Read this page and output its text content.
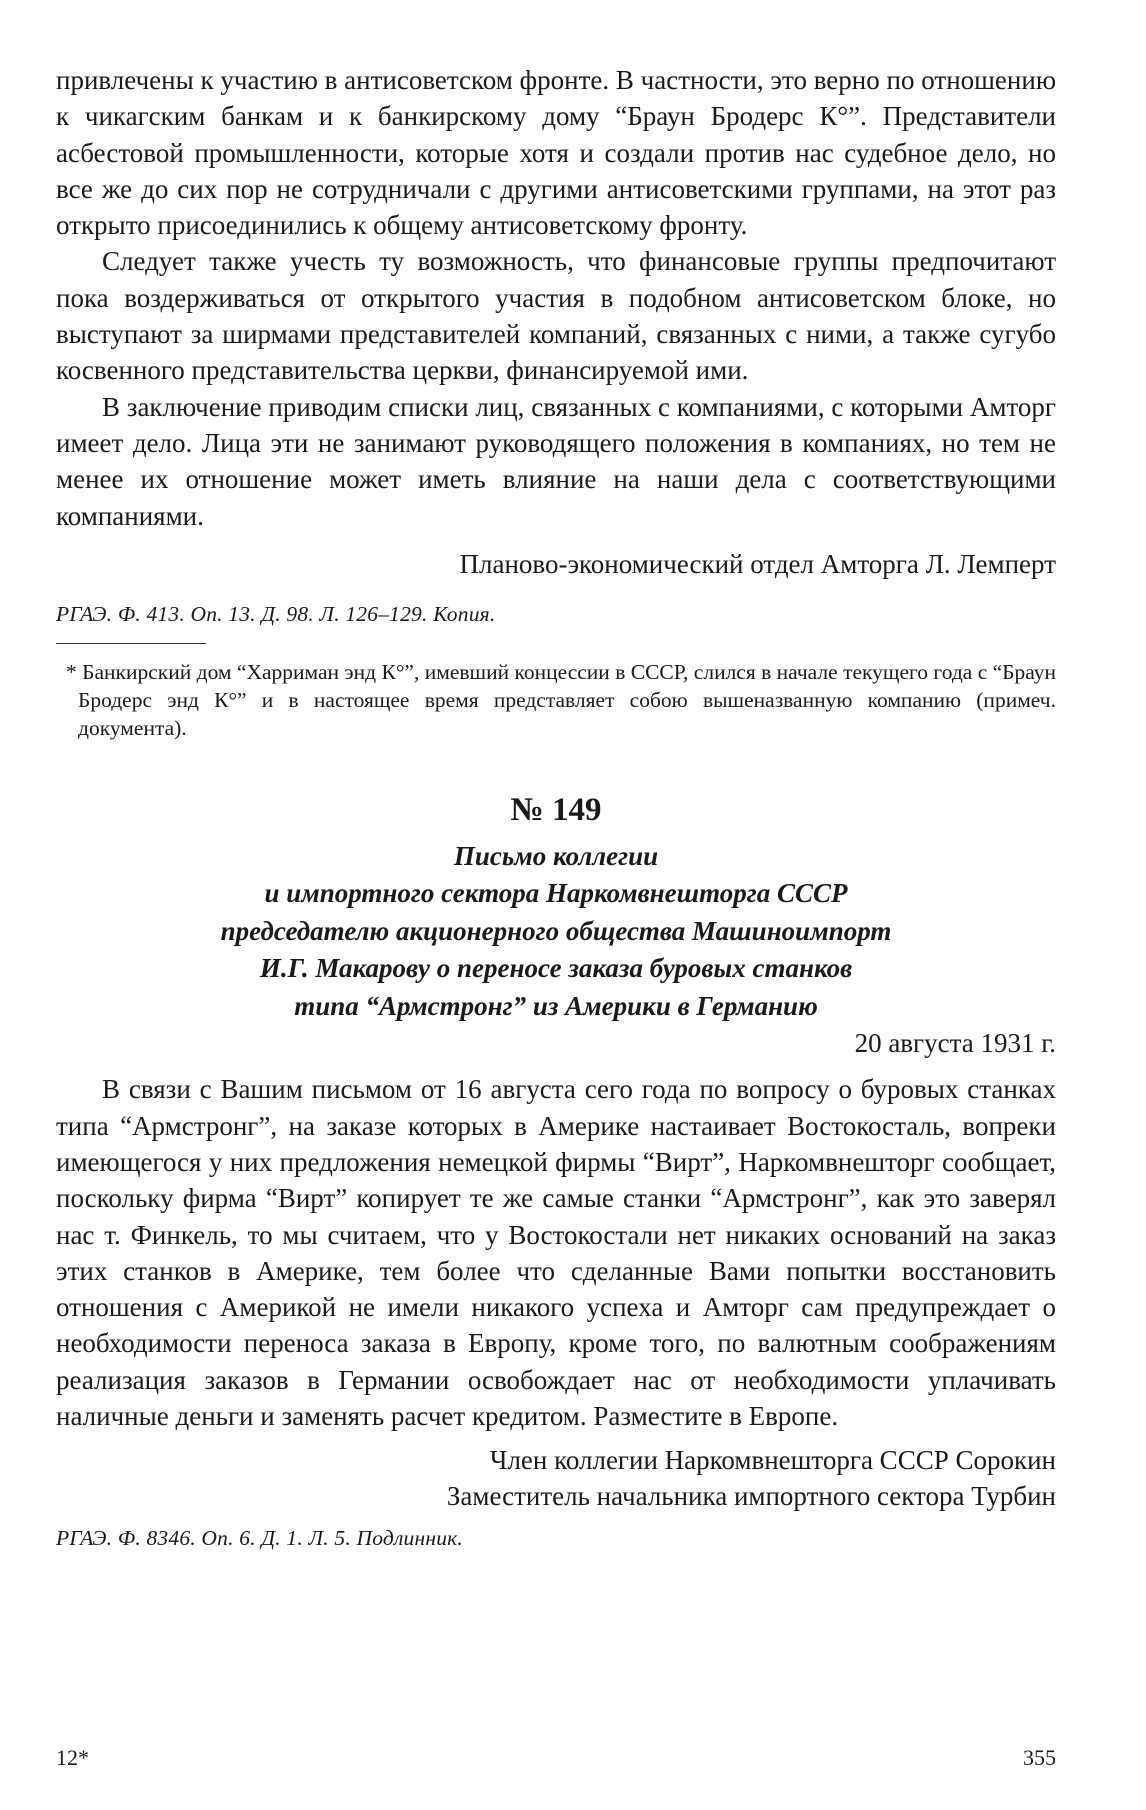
привлечены к участию в антисоветском фронте. В частности, это верно по отношению к чикагским банкам и к банкирскому дому “Браун Бродерс К°”. Представители асбестовой промышленности, которые хотя и создали против нас судебное дело, но все же до сих пор не сотрудничали с другими антисоветскими группами, на этот раз открыто присоединились к общему антисоветскому фронту.

Следует также учесть ту возможность, что финансовые группы предпочитают пока воздерживаться от открытого участия в подобном антисоветском блоке, но выступают за ширмами представителей компаний, связанных с ними, а также сугубо косвенного представительства церкви, финансируемой ими.

В заключение приводим списки лиц, связанных с компаниями, с которыми Амторг имеет дело. Лица эти не занимают руководящего положения в компаниях, но тем не менее их отношение может иметь влияние на наши дела с соответствующими компаниями.

Планово-экономический отдел Амторга Л. Лемперт

РГАЭ. Ф. 413. Оп. 13. Д. 98. Л. 126–129. Копия.

* Банкирский дом “Харриман энд К°”, имевший концессии в СССР, слился в начале текущего года с “Браун Бродерс энд К°” и в настоящее время представляет собою вышеназванную компанию (примеч. документа).

№ 149

Письмо коллегии

и импортного сектора Наркомвнешторга СССР

председателю акционерного общества Машиноимпорт

И.Г. Макарову о переносе заказа буровых станков

типа “Армстронг” из Америки в Германию

20 августа 1931 г.

В связи с Вашим письмом от 16 августа сего года по вопросу о буровых станках типа “Армстронг”, на заказе которых в Америке настаивает Востокосталь, вопреки имеющегося у них предложения немецкой фирмы “Вирт”, Наркомвнешторг сообщает, поскольку фирма “Вирт” копирует те же самые станки “Армстронг”, как это заверял нас т. Финкель, то мы считаем, что у Востокостали нет никаких оснований на заказ этих станков в Америке, тем более что сделанные Вами попытки восстановить отношения с Америкой не имели никакого успеха и Амторг сам предупреждает о необходимости переноса заказа в Европу, кроме того, по валютным соображениям реализация заказов в Германии освобождает нас от необходимости уплачивать наличные деньги и заменять расчет кредитом. Разместите в Европе.

Член коллегии Наркомвнешторга СССР Сорокин

Заместитель начальника импортного сектора Турбин

РГАЭ. Ф. 8346. Оп. 6. Д. 1. Л. 5. Подлинник.

12*	355
